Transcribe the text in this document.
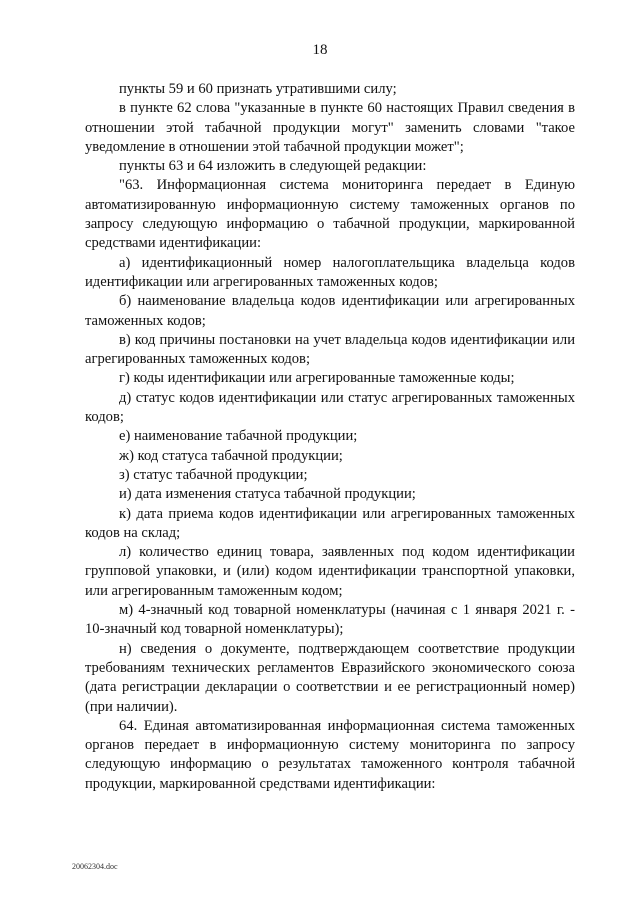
18

пункты 59 и 60 признать утратившими силу;

в пункте 62 слова "указанные в пункте 60 настоящих Правил сведения в отношении этой табачной продукции могут" заменить словами "такое уведомление в отношении этой табачной продукции может";

пункты 63 и 64 изложить в следующей редакции:

"63. Информационная система мониторинга передает в Единую автоматизированную информационную систему таможенных органов по запросу следующую информацию о табачной продукции, маркированной средствами идентификации:

а) идентификационный номер налогоплательщика владельца кодов идентификации или агрегированных таможенных кодов;

б) наименование владельца кодов идентификации или агрегированных таможенных кодов;

в) код причины постановки на учет владельца кодов идентификации или агрегированных таможенных кодов;

г) коды идентификации или агрегированные таможенные коды;

д) статус кодов идентификации или статус агрегированных таможенных кодов;

е) наименование табачной продукции;

ж) код статуса табачной продукции;

з) статус табачной продукции;

и) дата изменения статуса табачной продукции;

к) дата приема кодов идентификации или агрегированных таможенных кодов на склад;

л) количество единиц товара, заявленных под кодом идентификации групповой упаковки, и (или) кодом идентификации транспортной упаковки, или агрегированным таможенным кодом;

м) 4-значный код товарной номенклатуры (начиная с 1 января 2021 г. - 10-значный код товарной номенклатуры);

н) сведения о документе, подтверждающем соответствие продукции требованиям технических регламентов Евразийского экономического союза (дата регистрации декларации о соответствии и ее регистрационный номер) (при наличии).

64. Единая автоматизированная информационная система таможенных органов передает в информационную систему мониторинга по запросу следующую информацию о результатах таможенного контроля табачной продукции, маркированной средствами идентификации:

20062304.doc
